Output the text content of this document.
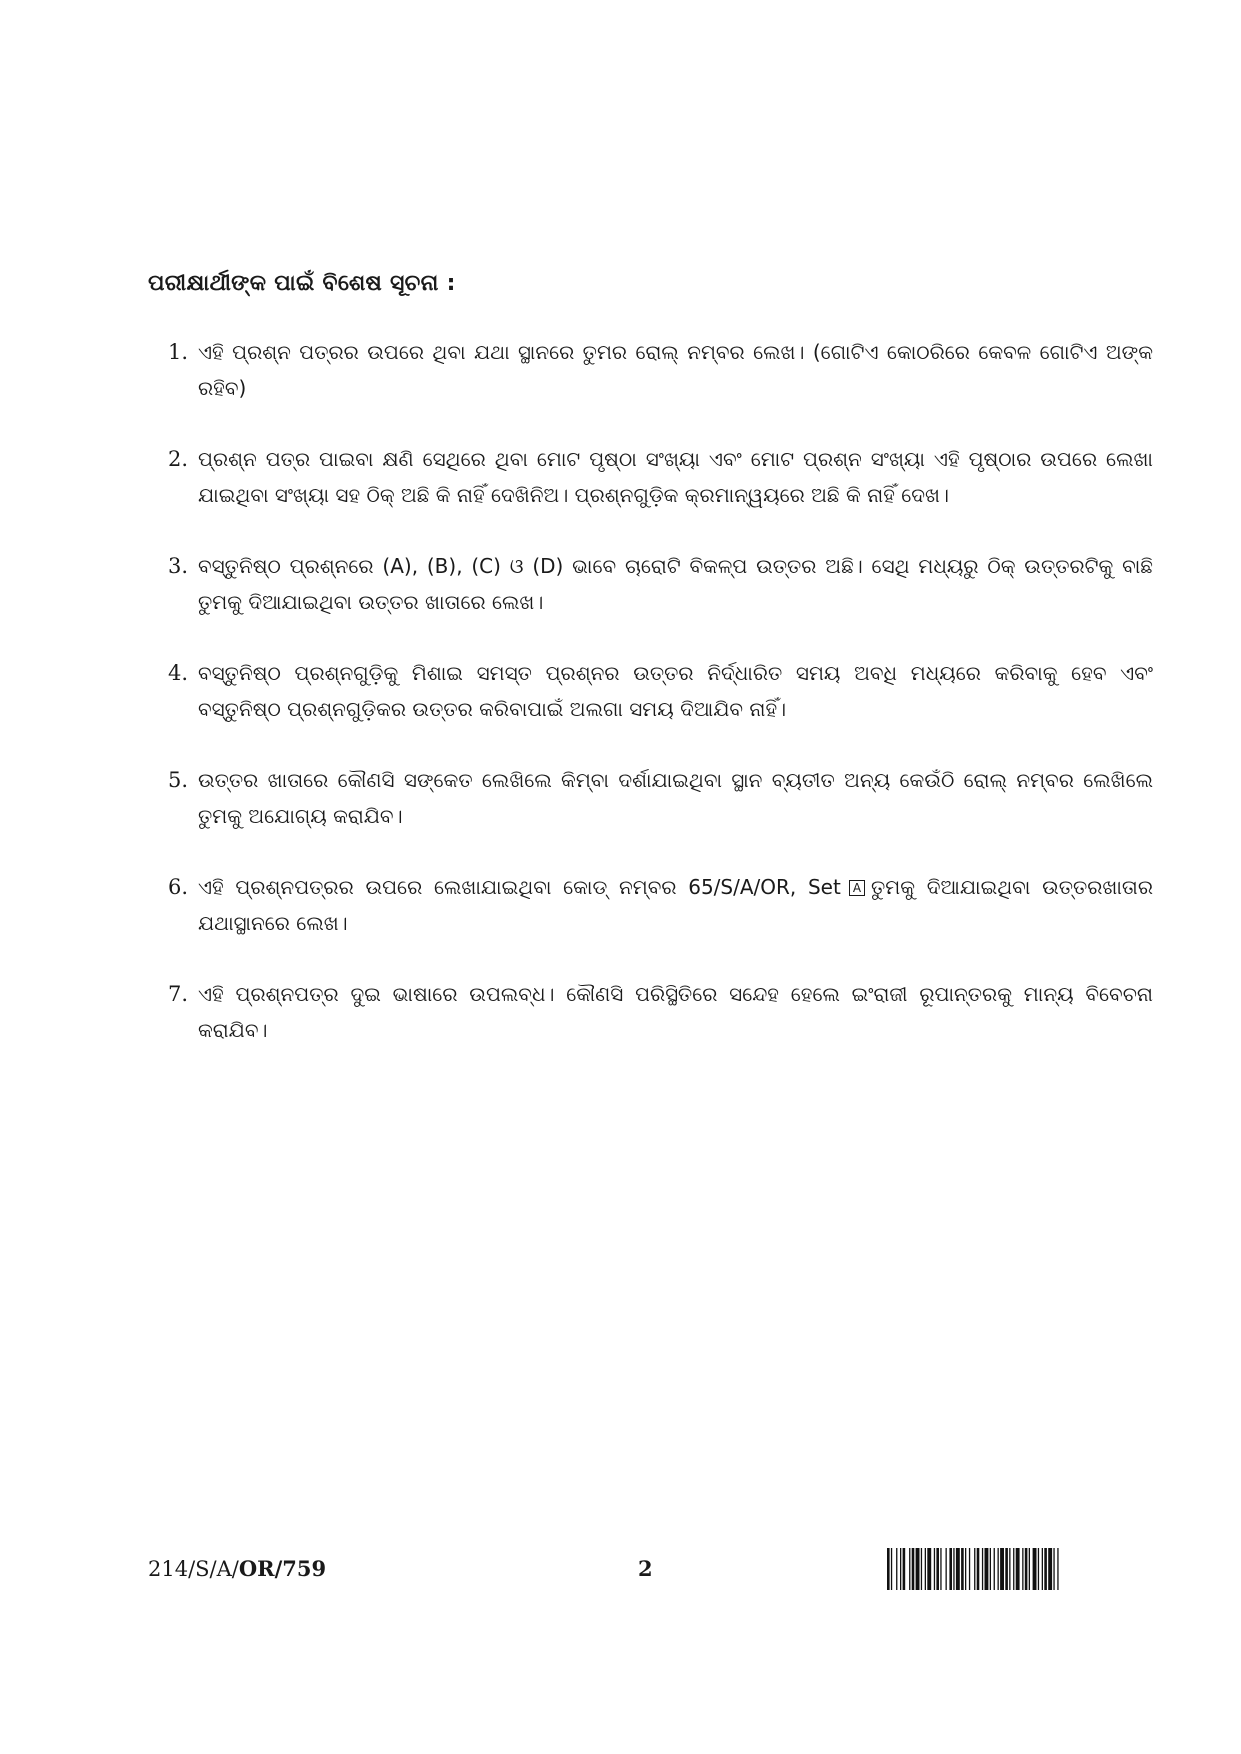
ପରୀକ୍ଷାର୍ଥୀଙ୍କ ପାଇଁ ବିଶେଷ ସୂଚନା :
1. ଏହି ପ୍ରଶ୍ନ ପତ୍ରର ଉପରେ ଥିବା ଯଥା ସ୍ଥାନରେ ତୁମର ରୋଲ୍ ନମ୍ବର ଲେଖ। (ଗୋଟିଏ କୋଠରିରେ କେବଳ ଗୋଟିଏ ଅଙ୍କ ରହିବ)
2. ପ୍ରଶ୍ନ ପତ୍ର ପାଇବା କ୍ଷଣି ସେଥିରେ ଥିବା ମୋଟ ପୃଷ୍ଠା ସଂଖ୍ୟା ଏବଂ ମୋଟ ପ୍ରଶ୍ନ ସଂଖ୍ୟା ଏହି ପୃଷ୍ଠାର ଉପରେ ଲେଖା ଯାଇଥିବା ସଂଖ୍ୟା ସହ ଠିକ୍ ଅଛି କି ନାହିଁ ଦେଖିନିଅ। ପ୍ରଶ୍ନଗୁଡ଼ିକ କ୍ରମାନ୍ୱୟରେ ଅଛି କି ନାହିଁ ଦେଖ।
3. ବସ୍ତୁନିଷ୍ଠ ପ୍ରଶ୍ନରେ (A), (B), (C) ଓ (D) ଭାବେ ଚାରୋଟି ବିକଳ୍ପ ଉତ୍ତର ଅଛି। ସେଥି ମଧ୍ୟରୁ ଠିକ୍ ଉତ୍ତରଟିକୁ ବାଛି ତୁମକୁ ଦିଆଯାଇଥିବା ଉତ୍ତର ଖାତାରେ ଲେଖ।
4. ବସ୍ତୁନିଷ୍ଠ ପ୍ରଶ୍ନଗୁଡ଼ିକୁ ମିଶାଇ ସମସ୍ତ ପ୍ରଶ୍ନର ଉତ୍ତର ନିର୍ଦ୍ଧାରିତ ସମୟ ଅବଧି ମଧ୍ୟରେ କରିବାକୁ ହେବ ଏବଂ ବସ୍ତୁନିଷ୍ଠ ପ୍ରଶ୍ନଗୁଡ଼ିକର ଉତ୍ତର କରିବାପାଇଁ ଅଲଗା ସମୟ ଦିଆଯିବ ନାହିଁ।
5. ଉତ୍ତର ଖାତାରେ କୌଣସି ସଙ୍କେତ ଲେଖିଲେ କିମ୍ବା ଦର୍ଶାଯାଇଥିବା ସ୍ଥାନ ବ୍ୟତୀତ ଅନ୍ୟ କେଉଁଠି ରୋଲ୍ ନମ୍ବର ଲେଖିଲେ ତୁମକୁ ଅଯୋଗ୍ୟ କରାଯିବ।
6. ଏହି ପ୍ରଶ୍ନପତ୍ରର ଉପରେ ଲେଖାଯାଇଥିବା କୋଡ୍ ନମ୍ବର 65/S/A/OR, Set A ତୁମକୁ ଦିଆଯାଇଥିବା ଉତ୍ତରଖାତାର ଯଥାସ୍ଥାନରେ ଲେଖ।
7. ଏହି ପ୍ରଶ୍ନପତ୍ର ଦୁଇ ଭାଷାରେ ଉପଲବ୍ଧ। କୌଣସି ପରିସ୍ଥିତିରେ ସନ୍ଦେହ ହେଲେ ଇଂରାଜୀ ରୂପାନ୍ତରକୁ ମାନ୍ୟ ବିବେଚନା କରାଯିବ।
214/S/A/OR/759	2
